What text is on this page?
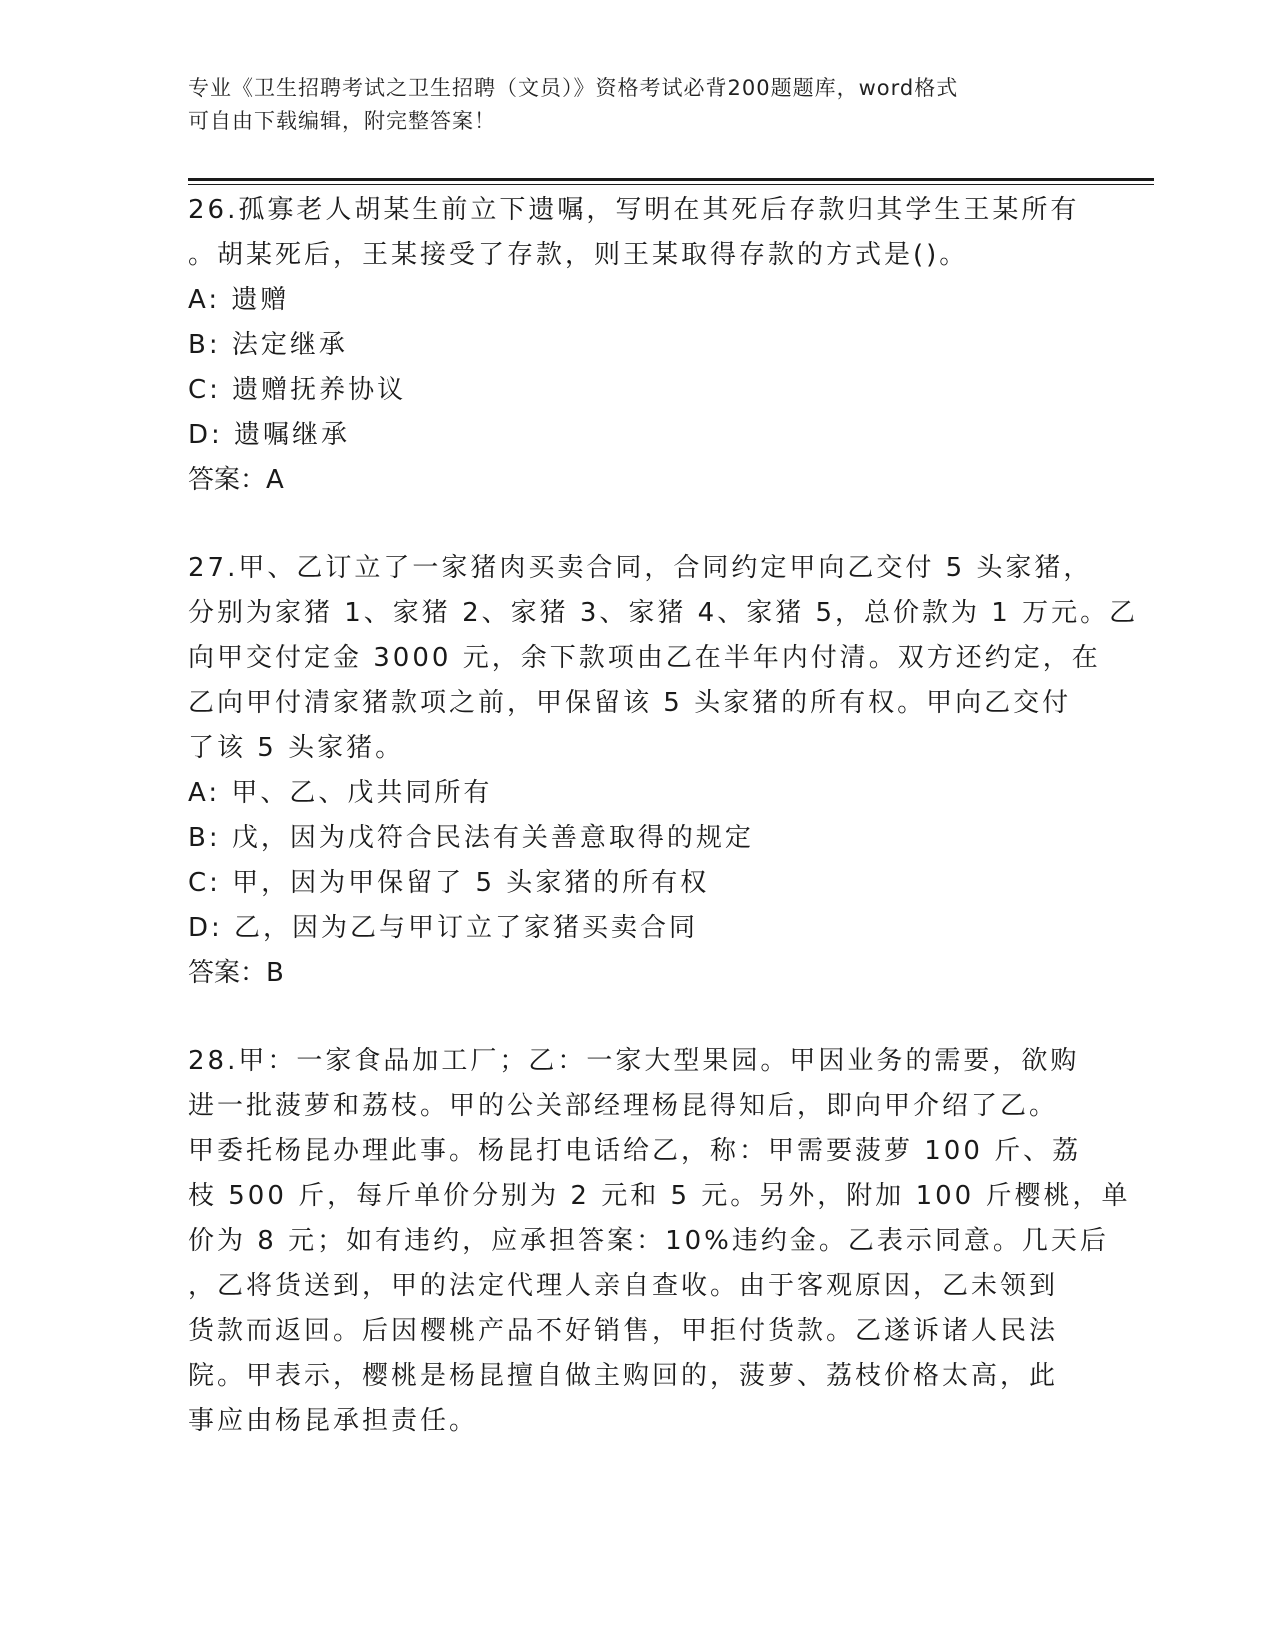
专业《卫生招聘考试之卫生招聘（文员）》资格考试必背200题题库，word格式
可自由下载编辑，附完整答案！
26.孤寡老人胡某生前立下遗嘱，写明在其死后存款归其学生王某所有
。胡某死后，王某接受了存款，则王某取得存款的方式是()。
A: 遗赠
B: 法定继承
C: 遗赠抚养协议
D: 遗嘱继承
答案：A
27.甲、乙订立了一家猪肉买卖合同，合同约定甲向乙交付 5 头家猪，
分别为家猪 1、家猪 2、家猪 3、家猪 4、家猪 5，总价款为 1 万元。乙
向甲交付定金 3000 元，余下款项由乙在半年内付清。双方还约定，在
乙向甲付清家猪款项之前，甲保留该 5 头家猪的所有权。甲向乙交付
了该 5 头家猪。
A: 甲、乙、戊共同所有
B: 戊，因为戊符合民法有关善意取得的规定
C: 甲，因为甲保留了 5 头家猪的所有权
D: 乙，因为乙与甲订立了家猪买卖合同
答案：B
28.甲：一家食品加工厂；乙：一家大型果园。甲因业务的需要，欲购
进一批菠萝和荔枝。甲的公关部经理杨昆得知后，即向甲介绍了乙。
甲委托杨昆办理此事。杨昆打电话给乙，称：甲需要菠萝 100 斤、荔
枝 500 斤，每斤单价分别为 2 元和 5 元。另外，附加 100 斤樱桃，单
价为 8 元；如有违约，应承担答案：10%违约金。乙表示同意。几天后
，乙将货送到，甲的法定代理人亲自查收。由于客观原因，乙未领到
货款而返回。后因樱桃产品不好销售，甲拒付货款。乙遂诉诸人民法
院。甲表示，樱桃是杨昆擅自做主购回的，菠萝、荔枝价格太高，此
事应由杨昆承担责任。
